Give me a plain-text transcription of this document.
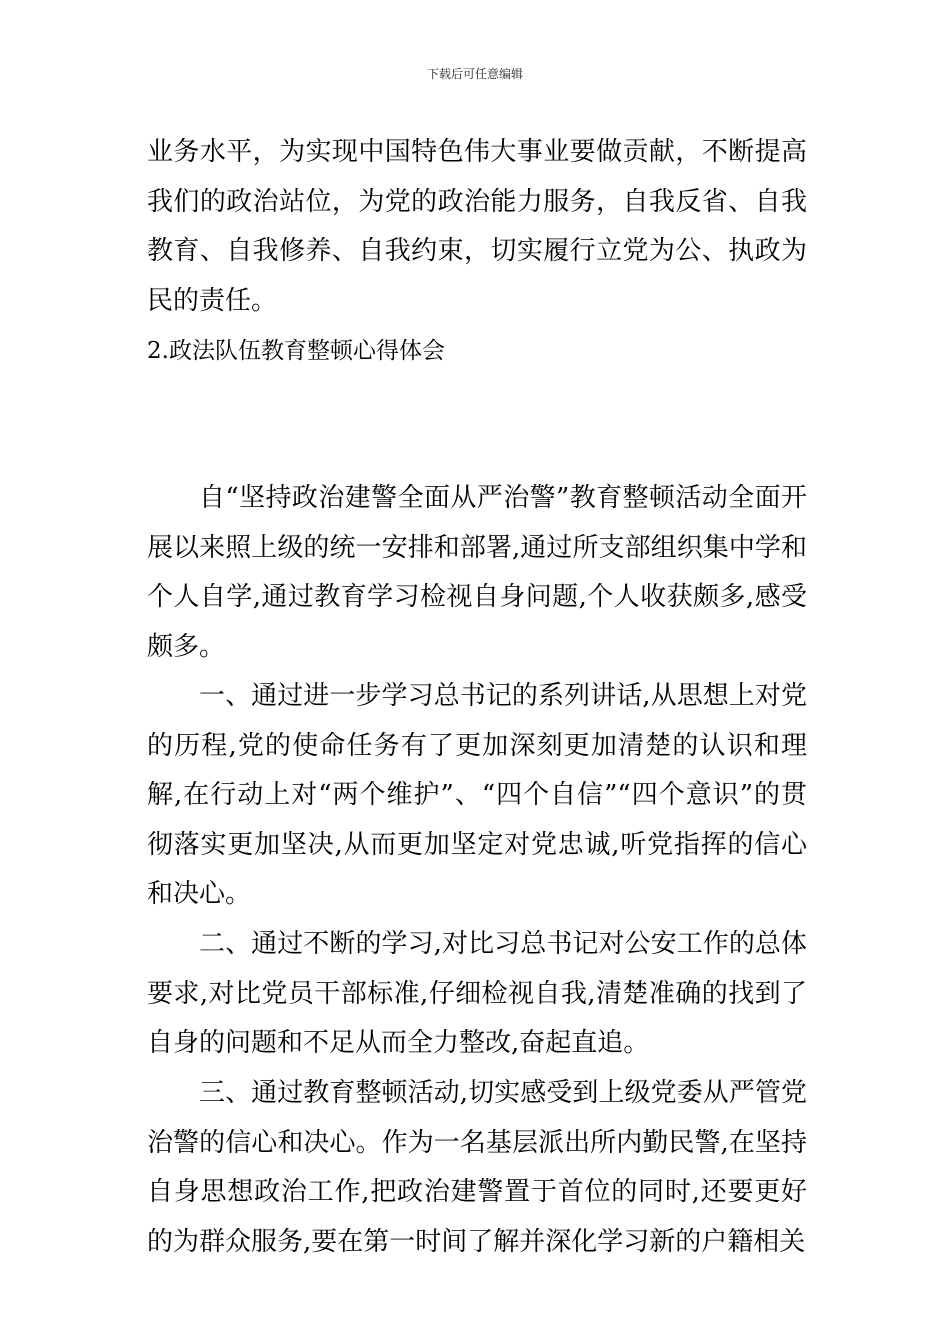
下载后可任意编辑

业务水平，为实现中国特色伟大事业要做贡献，不断提高我们的政治站位，为党的政治能力服务，自我反省、自我教育、自我修养、自我约束，切实履行立党为公、执政为民的责任。

2.政法队伍教育整顿心得体会

自“坚持政治建警全面从严治警”教育整顿活动全面开展以来照上级的统一安排和部署,通过所支部组织集中学和个人自学,通过教育学习检视自身问题,个人收获颇多,感受颇多。

一、通过进一步学习总书记的系列讲话,从思想上对党的历程,党的使命任务有了更加深刻更加清楚的认识和理解,在行动上对“两个维护”、“四个自信”“四个意识”的贯彻落实更加坚决,从而更加坚定对党忠诚,听党指挥的信心和决心。

二、通过不断的学习,对比习总书记对公安工作的总体要求,对比党员干部标准,仔细检视自我,清楚准确的找到了自身的问题和不足从而全力整改,奋起直追。

三、通过教育整顿活动,切实感受到上级党委从严管党治警的信心和决心。作为一名基层派出所内勤民警,在坚持自身思想政治工作,把政治建警置于首位的同时,还要更好的为群众服务,要在第一时间了解并深化学习新的户籍相关
